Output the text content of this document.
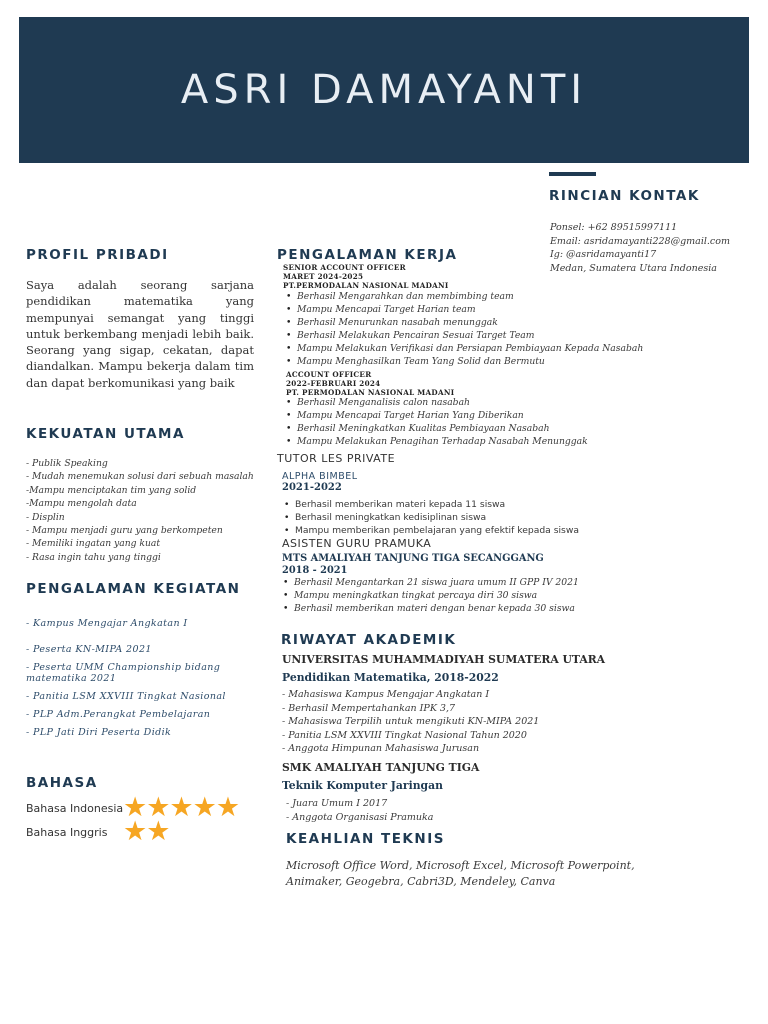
ASRI DAMAYANTI
RINCIAN KONTAK
Ponsel: +62 89515997111
Email: asridamayanti228@gmail.com
Ig: @asridamayanti17
Medan, Sumatera Utara Indonesia
PROFIL PRIBADI
Saya adalah seorang sarjana pendidikan matematika yang mempunyai semangat yang tinggi untuk berkembang menjadi lebih baik. Seorang yang sigap, cekatan, dapat diandalkan. Mampu bekerja dalam tim dan dapat berkomunikasi yang baik
KEKUATAN UTAMA
- Publik Speaking
- Mudah menemukan solusi dari sebuah masalah
-Mampu menciptakan tim yang solid
-Mampu mengolah data
- Displin
- Mampu menjadi guru yang berkompeten
- Memiliki ingatan yang kuat
- Rasa ingin tahu yang tinggi
PENGALAMAN KEGIATAN
- Kampus Mengajar Angkatan I
- Peserta KN-MIPA 2021
- Peserta UMM Championship bidang matematika 2021
- Panitia LSM XXVIII Tingkat Nasional
- PLP Adm.Perangkat Pembelajaran
- PLP Jati Diri Peserta Didik
BAHASA
Bahasa Indonesia ★★★★★
Bahasa Inggris ★★
PENGALAMAN KERJA
SENIOR ACCOUNT OFFICER
MARET 2024-2025
PT.PERMODALAN NASIONAL MADANI
• Berhasil Mengarahkan dan membimbing team
• Mampu Mencapai Target Harian team
• Berhasil Menurunkan nasabah menunggak
• Berhasil Melakukan Pencairan Sesuai Target Team
• Mampu Melakukan Verifikasi dan Persiapan Pembiayaan Kepada Nasabah
• Mampu Menghasilkan Team Yang Solid dan Bermutu
ACCOUNT OFFICER
2022-FEBRUARI 2024
PT. PERMODALAN NASIONAL MADANI
• Berhasil Menganalisis calon nasabah
• Mampu Mencapai Target Harian Yang Diberikan
• Berhasil Meningkatkan Kualitas Pembiayaan Nasabah
• Mampu Melakukan Penagihan Terhadap Nasabah Menunggak
TUTOR LES PRIVATE
ALPHA BIMBEL
2021-2022
• Berhasil memberikan materi kepada 11 siswa
• Berhasil meningkatkan kedisiplinan siswa
• Mampu memberikan pembelajaran yang efektif kepada siswa
ASISTEN GURU PRAMUKA
MTS AMALIYAH TANJUNG TIGA SECANGGANG
2018 - 2021
• Berhasil Mengantarkan 21 siswa juara umum II GPP IV 2021
• Mampu meningkatkan tingkat percaya diri 30 siswa
• Berhasil memberikan materi dengan benar kepada 30 siswa
RIWAYAT AKADEMIK
UNIVERSITAS MUHAMMADIYAH SUMATERA UTARA
Pendidikan Matematika, 2018-2022
- Mahasiswa Kampus Mengajar Angkatan I
- Berhasil Mempertahankan IPK 3,7
- Mahasiswa Terpilih untuk mengikuti KN-MIPA 2021
- Panitia LSM XXVIII Tingkat Nasional Tahun 2020
- Anggota Himpunan Mahasiswa Jurusan
SMK AMALIYAH TANJUNG TIGA
Teknik Komputer Jaringan
- Juara Umum I 2017
- Anggota Organisasi Pramuka
KEAHLIAN TEKNIS
Microsoft Office Word, Microsoft Excel, Microsoft Powerpoint, Animaker, Geogebra, Cabri3D, Mendeley, Canva
